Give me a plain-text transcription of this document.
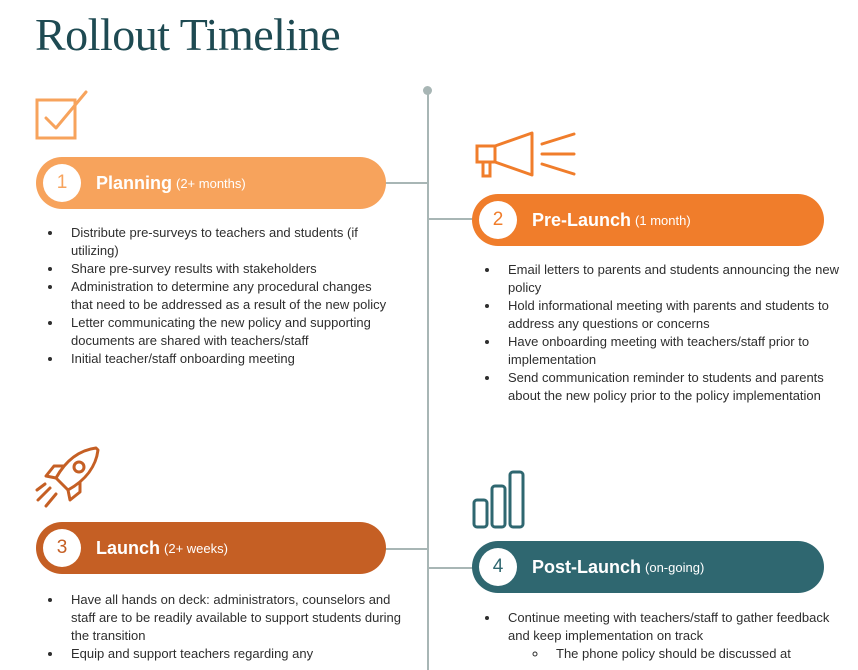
Rollout Timeline
1	Planning (2+ months)
• Distribute pre-surveys to teachers and students (if utilizing)
• Share pre-survey results with stakeholders
• Administration to determine any procedural changes that need to be addressed as a result of the new policy
• Letter communicating the new policy and supporting documents are shared with teachers/staff
• Initial teacher/staff onboarding meeting
2	Pre-Launch (1 month)
• Email letters to parents and students announcing the new policy
• Hold informational meeting with parents and students to address any questions or concerns
• Have onboarding meeting with teachers/staff prior to implementation
• Send communication reminder to students and parents about the new policy prior to the policy implementation
3	Launch (2+ weeks)
• Have all hands on deck: administrators, counselors and staff are to be readily available to support students during the transition
• Equip and support teachers regarding any
4	Post-Launch (on-going)
• Continue meeting with teachers/staff to gather feedback and keep implementation on track
◦ The phone policy should be discussed at
